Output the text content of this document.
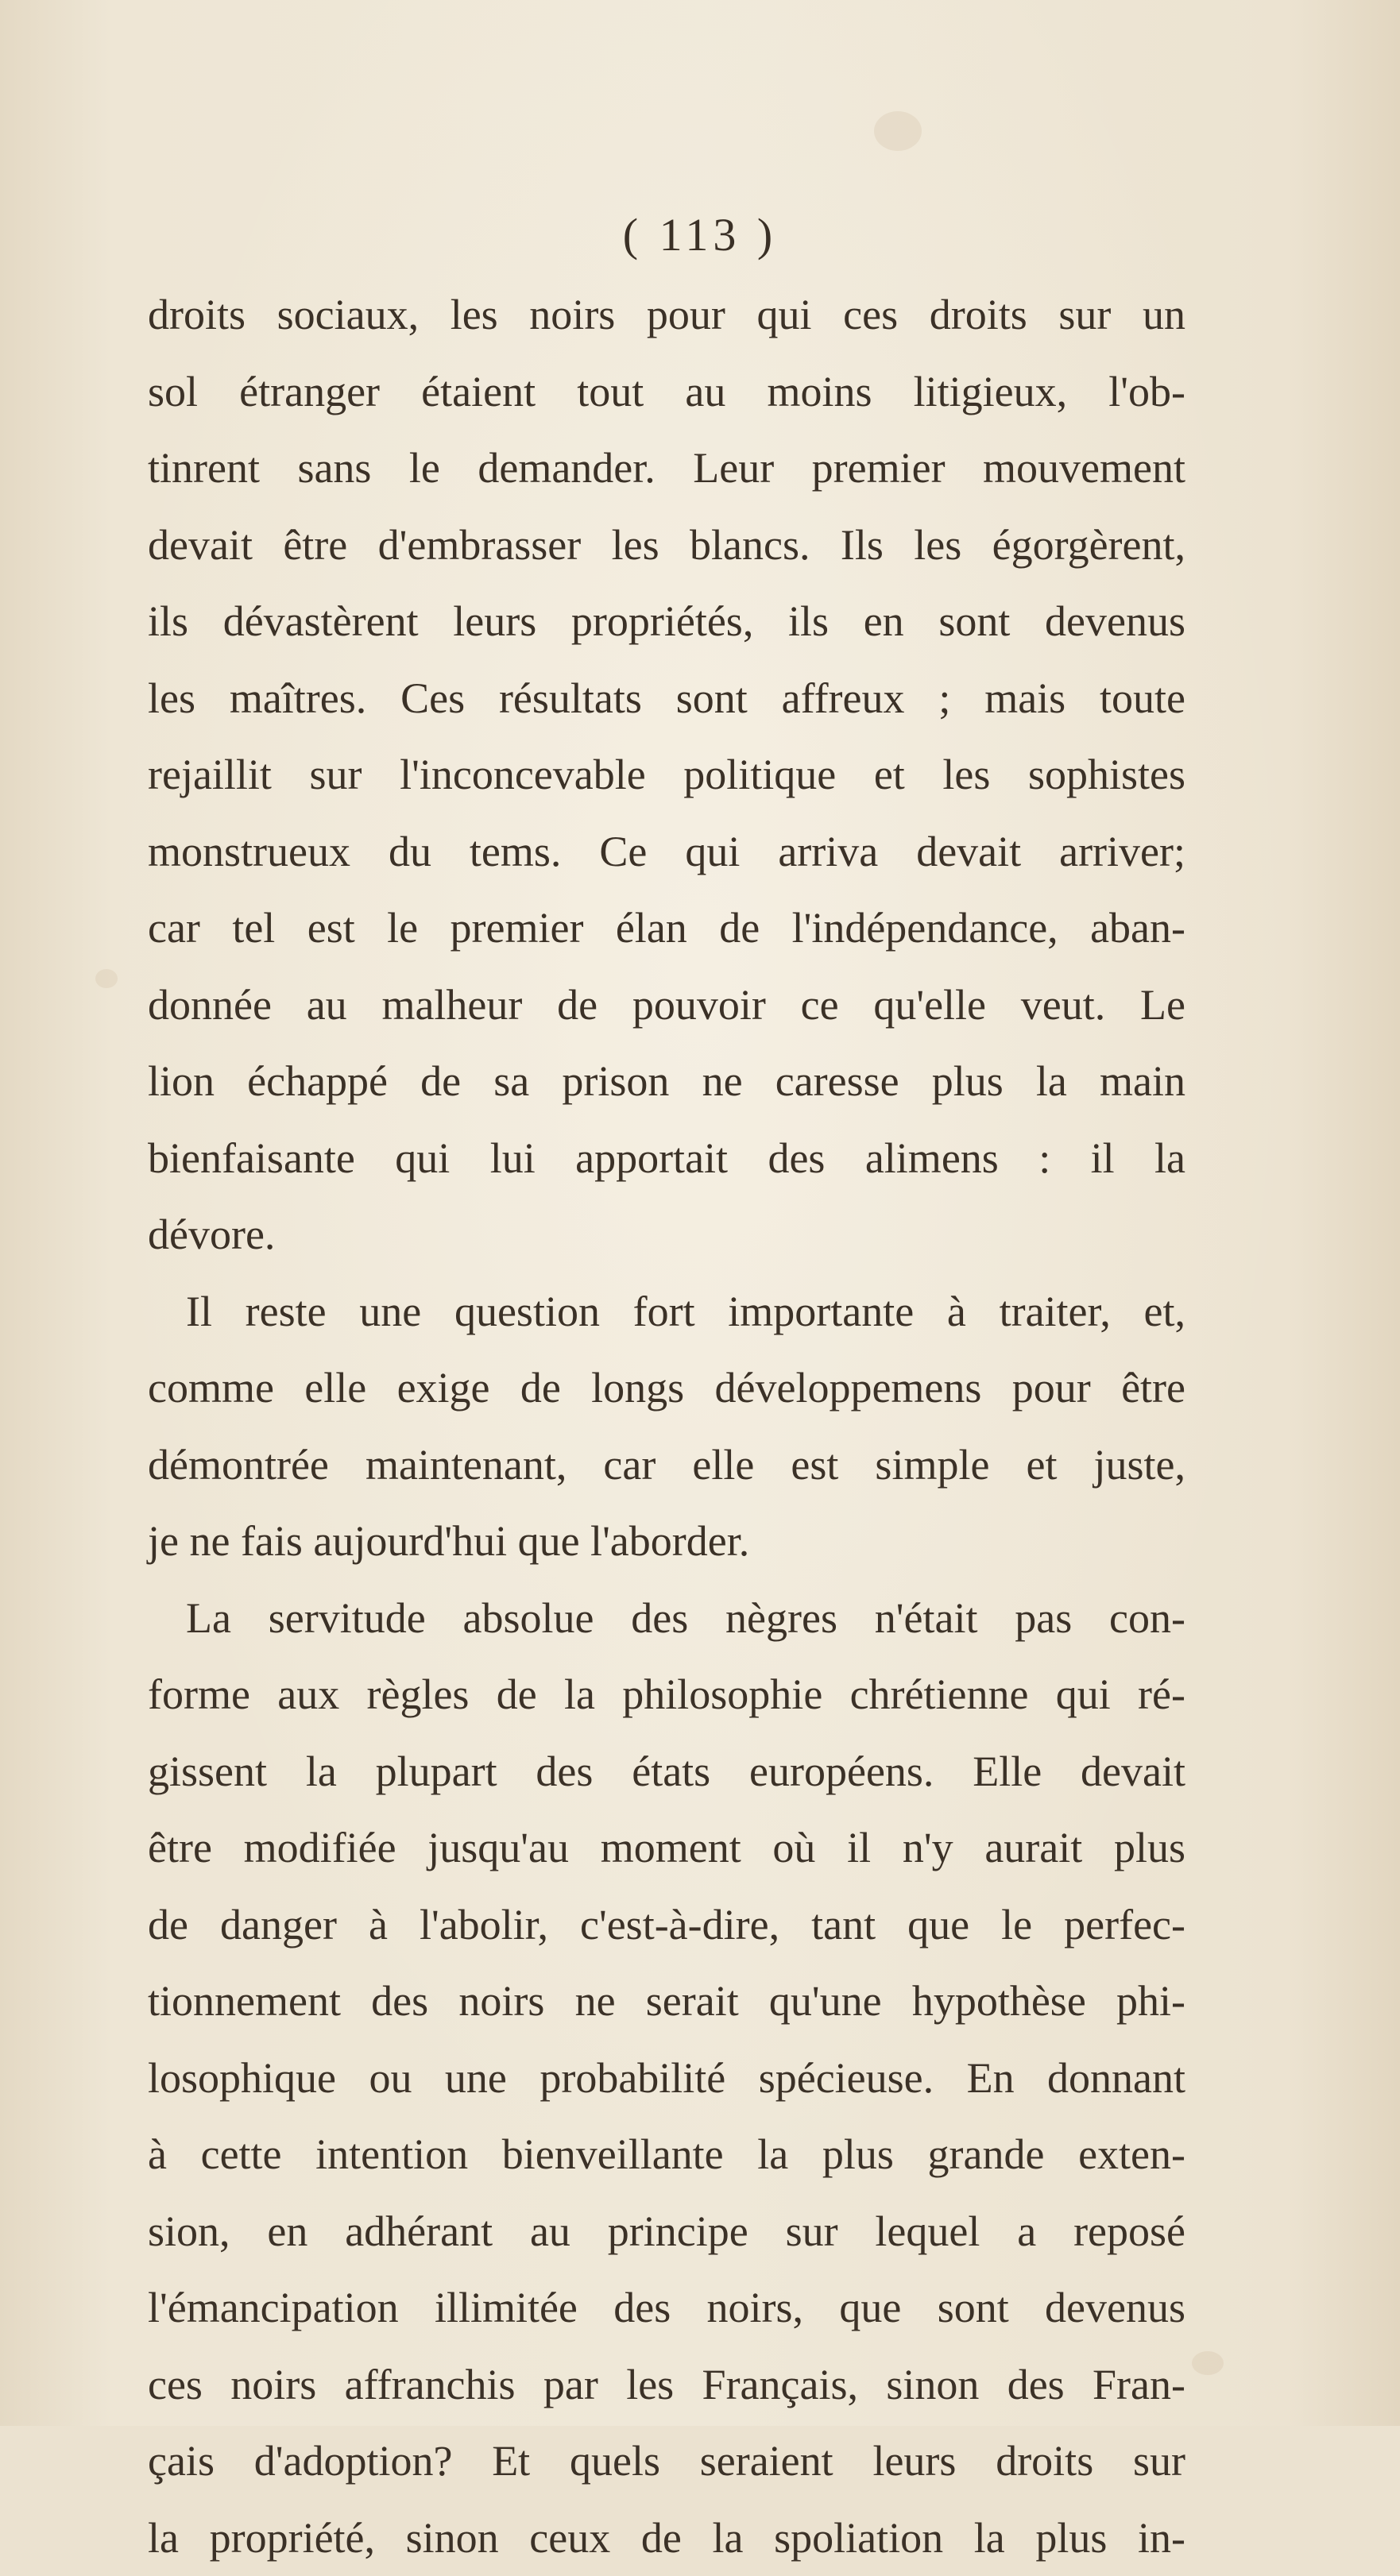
( 113 )
droits sociaux, les noirs pour qui ces droits sur un
sol étranger étaient tout au moins litigieux, l'ob-
tinrent sans le demander. Leur premier mouvement
devait être d'embrasser les blancs. Ils les égorgèrent,
ils dévastèrent leurs propriétés, ils en sont devenus
les maîtres. Ces résultats sont affreux ; mais toute
rejaillit sur l'inconcevable politique et les sophistes
monstrueux du tems. Ce qui arriva devait arriver;
car tel est le premier élan de l'indépendance, aban-
donnée au malheur de pouvoir ce qu'elle veut. Le
lion échappé de sa prison ne caresse plus la main
bienfaisante qui lui apportait des alimens : il la
dévore.
Il reste une question fort importante à traiter, et,
comme elle exige de longs développemens pour être
démontrée maintenant, car elle est simple et juste,
je ne fais aujourd'hui que l'aborder.
La servitude absolue des nègres n'était pas con-
forme aux règles de la philosophie chrétienne qui ré-
gissent la plupart des états européens. Elle devait
être modifiée jusqu'au moment où il n'y aurait plus
de danger à l'abolir, c'est-à-dire, tant que le perfec-
tionnement des noirs ne serait qu'une hypothèse phi-
losophique ou une probabilité spécieuse. En donnant
à cette intention bienveillante la plus grande exten-
sion, en adhérant au principe sur lequel a reposé
l'émancipation illimitée des noirs, que sont devenus
ces noirs affranchis par les Français, sinon des Fran-
çais d'adoption? Et quels seraient leurs droits sur
la propriété, sinon ceux de la spoliation la plus in-
